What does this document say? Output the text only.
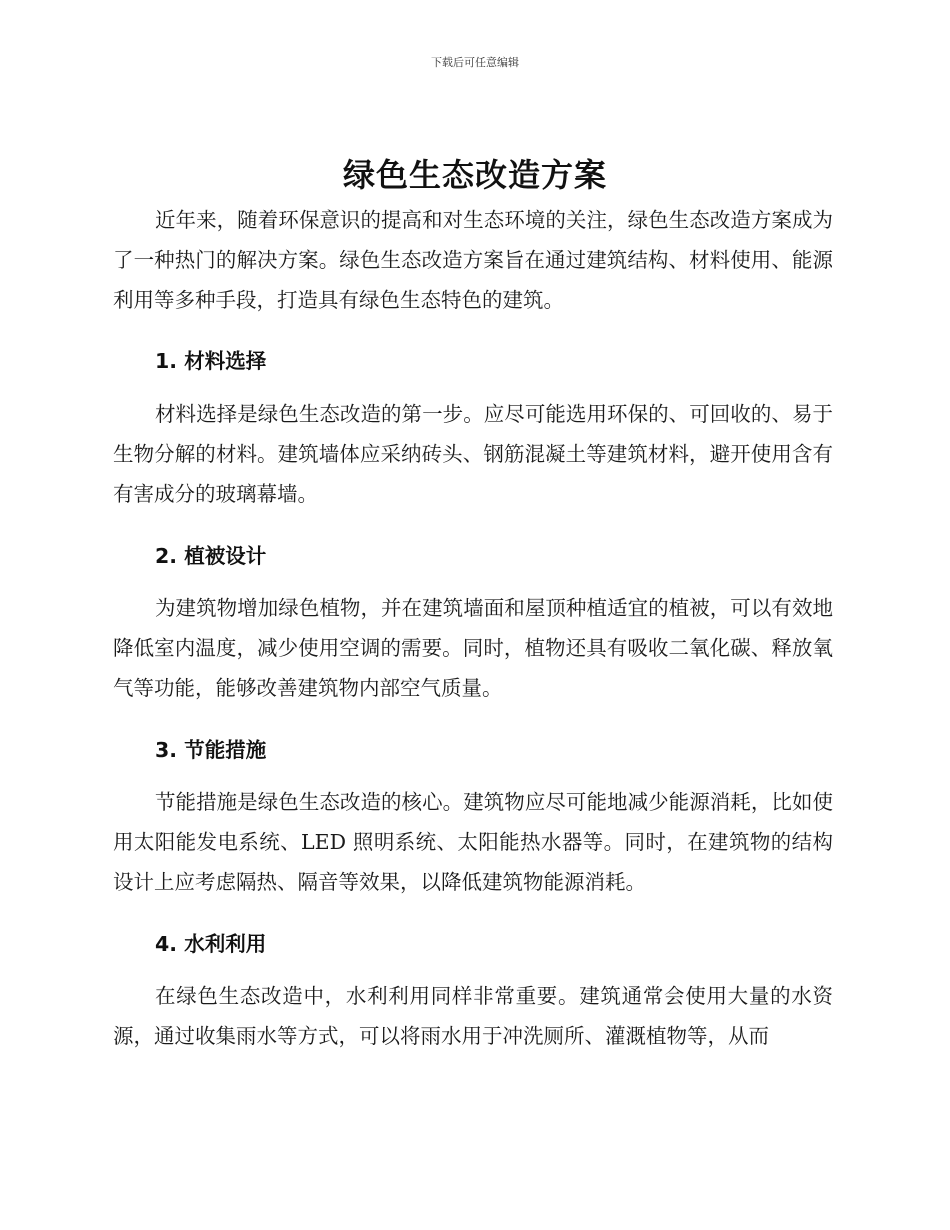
下载后可任意编辑
绿色生态改造方案
近年来，随着环保意识的提高和对生态环境的关注，绿色生态改造方案成为了一种热门的解决方案。绿色生态改造方案旨在通过建筑结构、材料使用、能源利用等多种手段，打造具有绿色生态特色的建筑。
1. 材料选择
材料选择是绿色生态改造的第一步。应尽可能选用环保的、可回收的、易于生物分解的材料。建筑墙体应采纳砖头、钢筋混凝土等建筑材料，避开使用含有有害成分的玻璃幕墙。
2. 植被设计
为建筑物增加绿色植物，并在建筑墙面和屋顶种植适宜的植被，可以有效地降低室内温度，减少使用空调的需要。同时，植物还具有吸收二氧化碳、释放氧气等功能，能够改善建筑物内部空气质量。
3. 节能措施
节能措施是绿色生态改造的核心。建筑物应尽可能地减少能源消耗，比如使用太阳能发电系统、LED 照明系统、太阳能热水器等。同时，在建筑物的结构设计上应考虑隔热、隔音等效果，以降低建筑物能源消耗。
4. 水利利用
在绿色生态改造中，水利利用同样非常重要。建筑通常会使用大量的水资源，通过收集雨水等方式，可以将雨水用于冲洗厕所、灌溉植物等，从而
